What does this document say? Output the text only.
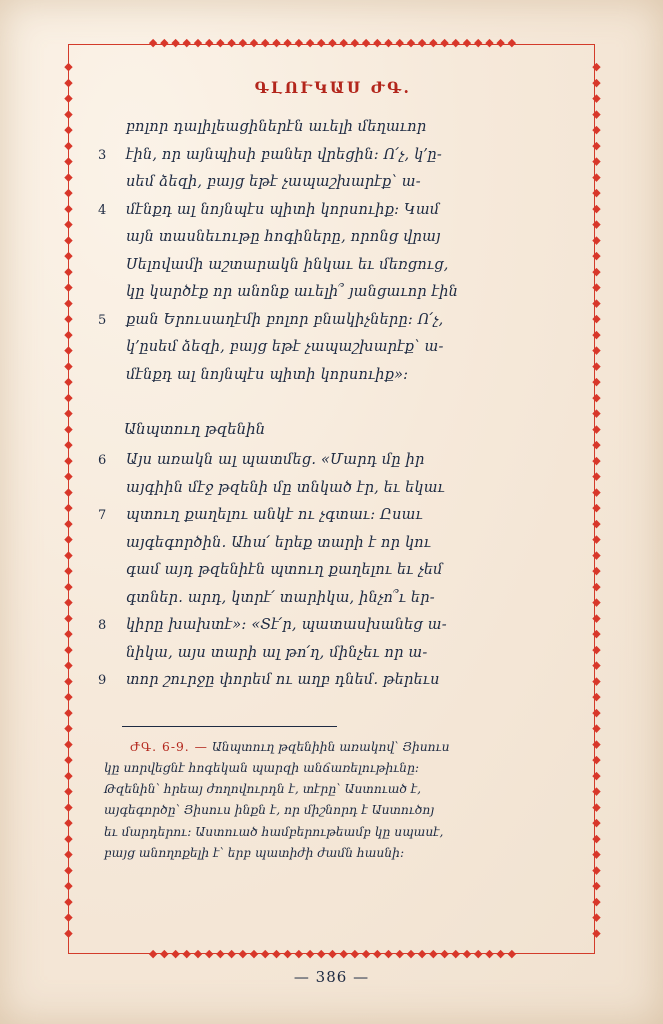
◆ ◆ ◆ ◆ ◆ ◆ ◆ ◆ ◆ ◆ ◆ ◆ ◆ ◆ ◆ ◆ ◆ ◆ ◆ ◆ ◆ ◆ ◆ ◆ ◆ ◆ ◆ ◆ ◆ ◆ ◆ ◆ ◆
◆ ◆ ◆ ◆ ◆ ◆ ◆ ◆ ◆ ◆ ◆ ◆ ◆ ◆ ◆ ◆ ◆ ◆ ◆ ◆ ◆ ◆ ◆ ◆ ◆ ◆ ◆ ◆ ◆ ◆ ◆ ◆ ◆
◆ ◆ ◆ ◆ ◆ ◆ ◆ ◆ ◆ ◆ ◆ ◆ ◆ ◆ ◆ ◆ ◆ ◆ ◆ ◆ ◆ ◆ ◆ ◆ ◆ ◆ ◆ ◆ ◆ ◆ ◆ ◆ ◆ ◆ ◆ ◆ ◆ ◆ ◆ ◆ ◆ ◆ ◆ ◆ ◆ ◆ ◆ ◆ ◆ ◆ ◆ ◆ ◆ ◆ ◆ ◆	◆ ◆ ◆ ◆ ◆ ◆ ◆ ◆ ◆ ◆ ◆ ◆ ◆ ◆ ◆ ◆ ◆ ◆ ◆ ◆ ◆ ◆ ◆ ◆ ◆ ◆ ◆ ◆ ◆ ◆ ◆ ◆ ◆ ◆ ◆ ◆ ◆ ◆ ◆ ◆ ◆ ◆ ◆ ◆ ◆ ◆ ◆ ◆ ◆ ◆ ◆ ◆ ◆ ◆ ◆ ◆
ԳԼՈՒԿԱՍ ԺԳ.
բոլոր դալիլեացիներէն աւելի մեղաւոր
3	էին, որ այնպիսի բաներ վրեցին։ Ո՛չ, կ՚ը-
սեմ ձեզի, բայց եթէ չապաշխարէք՝ ա-
4	մէնքդ ալ նոյնպէս պիտի կորսուիք։ Կամ
այն տասնեւութը հոգիները, որոնց վրայ
Սելովամի աշտարակն ինկաւ եւ մեռցուց,
կը կարծէք որ անոնք աւելի՞ յանցաւոր էին
5	քան Երուսաղէմի բոլոր բնակիչները։ Ո՛չ,
կ՚ըսեմ ձեզի, բայց եթէ չապաշխարէք՝ ա-
մէնքդ ալ նոյնպէս պիտի կորսուիք»։
Անպտուղ թզենին
6	Այս առակն ալ պատմեց. «Մարդ մը իր
այգիին մէջ թզենի մը տնկած էր, եւ եկաւ
7	պտուղ քաղելու անկէ ու չգտաւ։ Ըսաւ
այգեգործին. Ահա՛ երեք տարի է որ կու
գամ այդ թզենիէն պտուղ քաղելու եւ չեմ
գտներ. արդ, կտրէ՛ տարիկա, ինչո՞ւ եր-
8	կիրը խախտէ»։ «Տէ՛ր, պատասխանեց ա-
նիկա, այս տարի ալ թո՛ղ, մինչեւ որ ա-
9	տոր շուրջը փորեմ ու աղբ դնեմ. թերեւս
ԺԳ. 6-9. — Անպտուղ թզենիին առակով՝ Յիսուս
կը սորվեցնէ հոգեկան պարզի անճառելութիւնը։
Թզենին՝ հրեայ ժողովուրդն է, տէրը՝ Աստուած է,
այգեգործը՝ Յիսուս ինքն է, որ միշնորդ է Աստուծոյ
եւ մարդերու։ Աստուած համբերութեամբ կը սպասէ,
բայց անողոքելի է՝ երբ պատիժի ժամն հասնի։
— 386 —
